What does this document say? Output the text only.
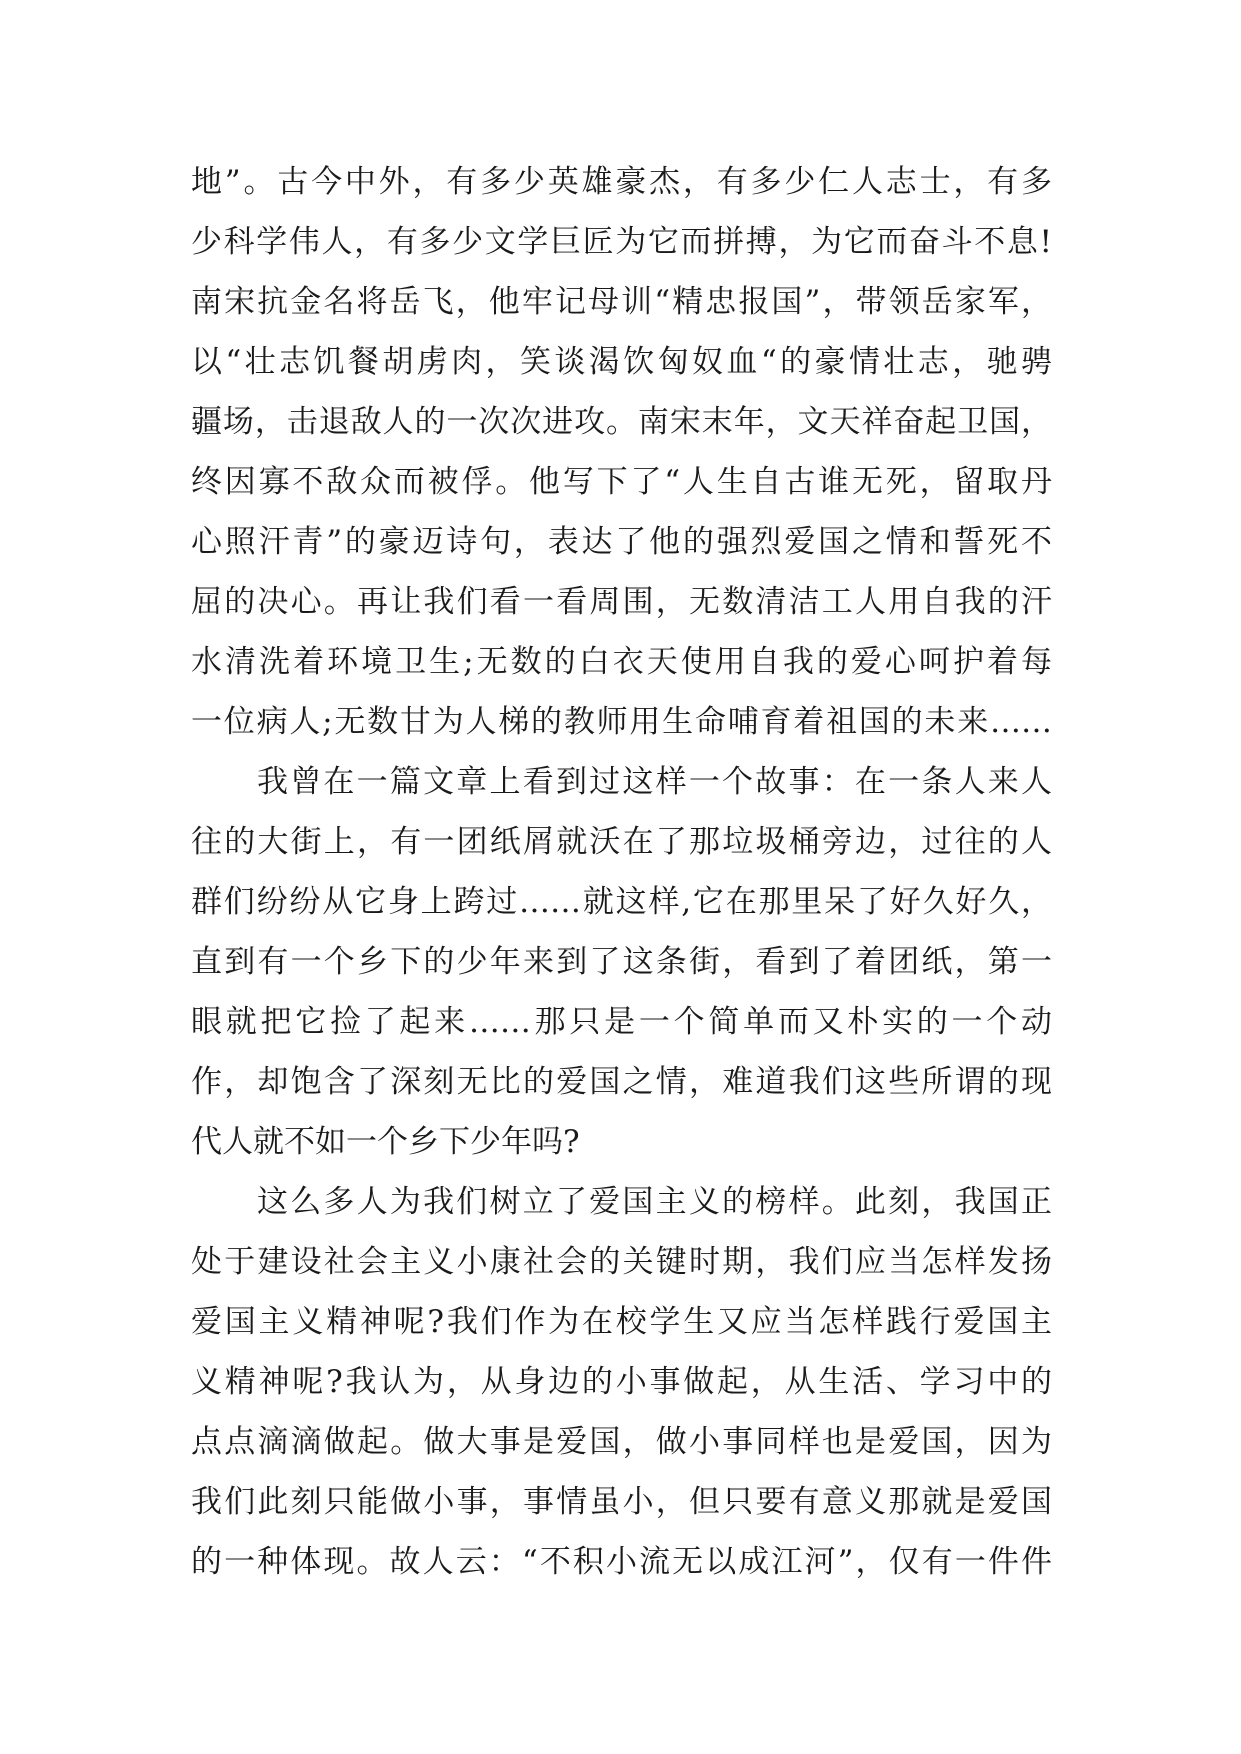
地”。古今中外，有多少英雄豪杰，有多少仁人志士，有多
少科学伟人，有多少文学巨匠为它而拼搏，为它而奋斗不息!
南宋抗金名将岳飞，他牢记母训“精忠报国”，带领岳家军，
以“壮志饥餐胡虏肉，笑谈渴饮匈奴血“的豪情壮志，驰骋
疆场，击退敌人的一次次进攻。南宋末年，文天祥奋起卫国，
终因寡不敌众而被俘。他写下了“人生自古谁无死，留取丹
心照汗青”的豪迈诗句，表达了他的强烈爱国之情和誓死不
屈的决心。再让我们看一看周围，无数清洁工人用自我的汗
水清洗着环境卫生;无数的白衣天使用自我的爱心呵护着每
一位病人;无数甘为人梯的教师用生命哺育着祖国的未来……
我曾在一篇文章上看到过这样一个故事：在一条人来人
往的大街上，有一团纸屑就沃在了那垃圾桶旁边，过往的人
群们纷纷从它身上跨过……就这样,它在那里呆了好久好久，
直到有一个乡下的少年来到了这条街，看到了着团纸，第一
眼就把它捡了起来……那只是一个简单而又朴实的一个动
作，却饱含了深刻无比的爱国之情，难道我们这些所谓的现
代人就不如一个乡下少年吗?
这么多人为我们树立了爱国主义的榜样。此刻，我国正
处于建设社会主义小康社会的关键时期，我们应当怎样发扬
爱国主义精神呢?我们作为在校学生又应当怎样践行爱国主
义精神呢?我认为，从身边的小事做起，从生活、学习中的
点点滴滴做起。做大事是爱国，做小事同样也是爱国，因为
我们此刻只能做小事，事情虽小，但只要有意义那就是爱国
的一种体现。故人云：“不积小流无以成江河”，仅有一件件
